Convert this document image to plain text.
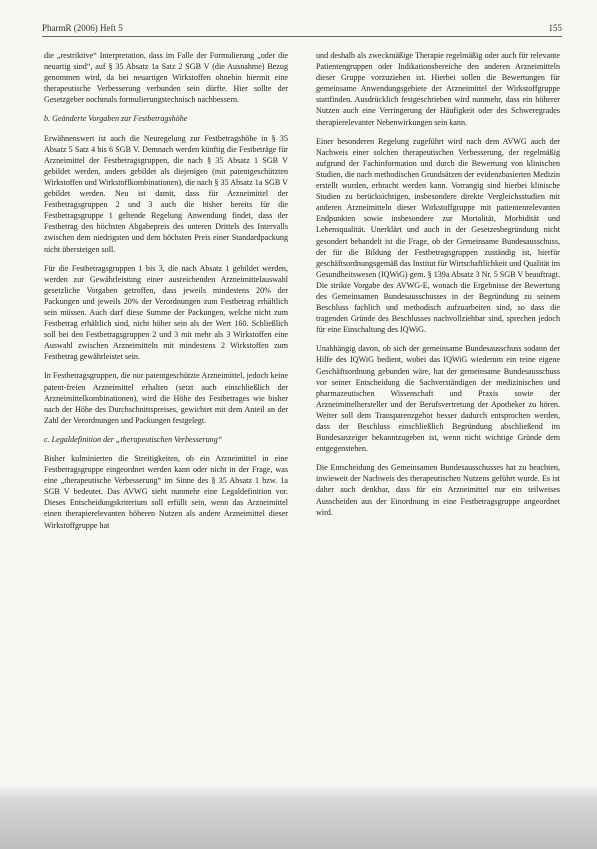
PharmR (2006) Heft 5	155

die „restriktive“ Interpretation, dass im Falle der Formulierung „oder die neuartig sind“, auf § 35 Absatz 1a Satz 2 SGB V (die Ausnahme) Bezug genommen wird, da bei neuartigen Wirkstoffen ohnehin hiermit eine therapeutische Verbesserung verbunden sein dürfte. Hier sollte der Gesetzgeber nochmals formulierungstechnisch nachbessern.

b. Geänderte Vorgaben zur Festbetragshöhe

Erwähnenswert ist auch die Neuregelung zur Festbetragshöhe in § 35 Absatz 5 Satz 4 bis 6 SGB V. Demnach werden künftig die Festbeträge für Arzneimittel der Festbetragsgruppen, die nach § 35 Absatz 1 SGB V gebildet werden, anders gebildet als diejenigen (mit patentgeschützten Wirkstoffen und Wirkstoffkombinationen), die nach § 35 Absatz 1a SGB V gebildet werden. Neu ist damit, dass für Arzneimittel der Festbetragsgruppen 2 und 3 auch die bisher bereits für die Festbetragsgruppe 1 geltende Regelung Anwendung findet, dass der Festbetrag den höchsten Abgabepreis des unteren Drittels des Intervalls zwischen dem niedrigsten und dem höchsten Preis einer Standardpackung nicht übersteigen soll.

Für die Festbetragsgruppen 1 bis 3, die nach Absatz 1 gebildet werden, werden zur Gewährleistung einer ausreichenden Arzneimittelauswahl gesetzliche Vorgaben getroffen, dass jeweils mindestens 20% der Packungen und jeweils 20% der Verordnungen zum Festbetrag erhältlich sein müssen. Auch darf diese Summe der Packungen, welche nicht zum Festbetrag erhältlich sind, nicht höher sein als der Wert 160. Schließlich soll bei den Festbetragsgruppen 2 und 3 mit mehr als 3 Wirkstoffen eine Auswahl zwischen Arzneimitteln mit mindestens 2 Wirkstoffen zum Festbetrag gewährleistet sein.

In Festbetragsgruppen, die nur patentgeschützte Arzneimittel, jedoch keine patent-freien Arzneimittel erhalten (setzt auch einschließlich der Arzneimittelkombinationen), wird die Höhe des Festbetrages wie bisher nach der Höhe des Durchschnittspreises, gewichtet mit dem Anteil an der Zahl der Verordnungen und Packungen festgelegt.

c. Legaldefinition der „therapeutischen Verbesserung“

Bisher kulminierten die Streitigkeiten, ob ein Arzneimittel in eine Festbetragsgruppe eingeordnet werden kann oder nicht in der Frage, was eine „therapeutische Verbesserung“ im Sinne des § 35 Absatz 1 bzw. 1a SGB V bedeutet. Das AVWG sieht nunmehr eine Legaldefinition vor. Dieses Entscheidungskriterium soll erfüllt sein, wenn das Arzneimittel einen therapierelevanten höheren Nutzen als andere Arzneimittel dieser Wirkstoffgruppe hat

und deshalb als zweckmäßige Therapie regelmäßig oder auch für relevante Patientengruppen oder Indikationsbereiche den anderen Arzneimitteln dieser Gruppe vorzuziehen ist. Hierbei sollen die Bewertungen für gemeinsame Anwendungsgebiete der Arzneimittel der Wirkstoffgruppe stattfinden. Ausdrücklich festgeschrieben wird nunmehr, dass ein höherer Nutzen auch eine Verringerung der Häufigkeit oder des Schweregrades therapierelevanter Nebenwirkungen sein kann.

Einer besonderen Regelung zugeführt wird nach dem AVWG auch der Nachweis einer solchen therapeutischen Verbesserung, der regelmäßig aufgrund der Fachinformation und durch die Bewertung von klinischen Studien, die nach methodischen Grundsätzen der evidenzbasierten Medizin erstellt wurden, erbracht werden kann. Vorrangig sind hierbei klinische Studien zu berücksichtigen, insbesondere direkte Vergleichsstudien mit anderen Arzneimitteln dieser Wirkstoffgruppe mit patientenrelevanten Endpunkten sowie insbesondere zur Mortalität, Morbidität und Lebensqualität. Unerklärt und auch in der Gesetzesbegründung nicht gesondert behandelt ist die Frage, ob der Gemeinsame Bundesausschuss, der für die Bildung der Festbetragsgruppen zuständig ist, hierfür geschäftsordnungsgemäß das Institut für Wirtschaftlichkeit und Qualität im Gesundheitswesen (IQWiG) gem. § 139a Absatz 3 Nr. 5 SGB V beauftragt. Die strikte Vorgabe des AVWG-E, wonach die Ergebnisse der Bewertung des Gemeinsamen Bundesausschusses in der Begründung zu seinem Beschluss fachlich und methodisch aufzuarbeiten sind, so dass die tragenden Gründe des Beschlusses nachvollziehbar sind, sprechen jedoch für eine Einschaltung des IQWiG.

Unabhängig davon, ob sich der gemeinsame Bundesausschuss sodann der Hilfe des IQWiG bedient, wobei das IQWiG wiederum ein reine eigene Geschäftsordnung gebunden wäre, hat der gemeinsame Bundesausschuss vor seiner Entscheidung die Sachverständigen der medizinischen und pharmazeutischen Wissenschaft und Praxis sowie der Arzneimittelhersteller und der Berufsvertretung der Apotheker zu hören. Weiter soll dem Transparenzgebot besser dadurch entsprochen werden, dass der Beschluss einschließlich Begründung abschließend im Bundesanzeiger bekanntzugeben ist, wenn nicht wichtige Gründe dem entgegenstehen.

Die Entscheidung des Gemeinsamen Bundesausschusses hat zu beachten, inwieweit der Nachweis des therapeutischen Nutzens geführt wurde. Es ist daher auch denkbar, dass für ein Arzneimittel nur ein teilweises Ausscheiden aus der Einordnung in eine Festbetragsgruppe angeordnet wird.
